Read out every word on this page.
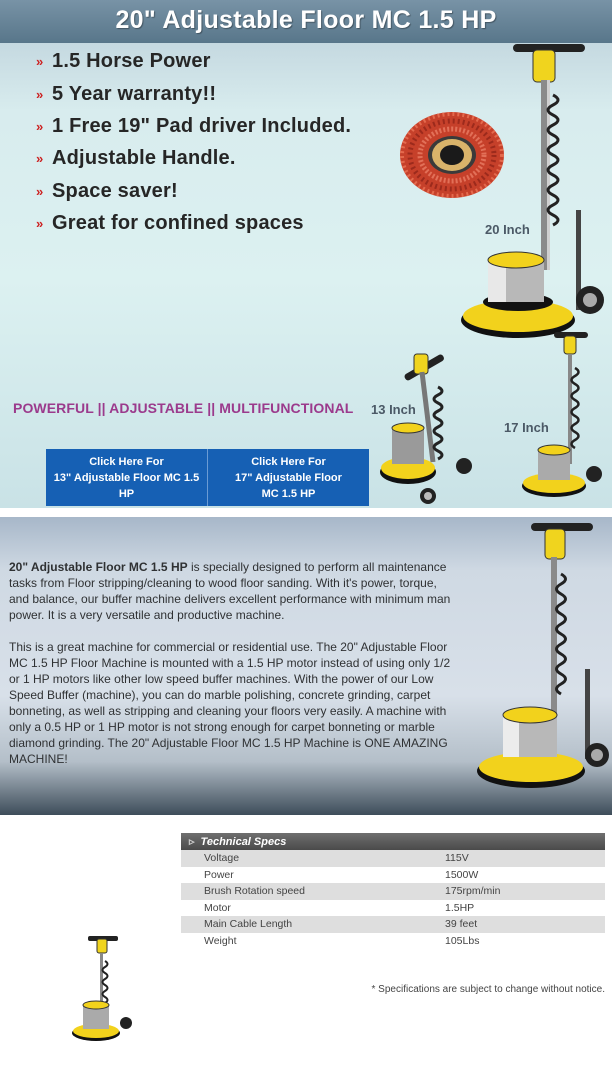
20" Adjustable Floor MC 1.5 HP
» 1.5 Horse Power
» 5 Year warranty!!
» 1 Free 19" Pad driver Included.
» Adjustable Handle.
» Space saver!
» Great for confined spaces	20 Inch
13 Inch
17 Inch
POWERFUL || ADJUSTABLE || MULTIFUNCTIONAL
Click Here For
13" Adjustable Floor MC 1.5
HP
Click Here For
17" Adjustable Floor
MC 1.5 HP

20" Adjustable Floor MC 1.5 HP is specially designed to perform all maintenance tasks from Floor stripping/cleaning to wood floor sanding. With it's power, torque, and balance, our buffer machine delivers excellent performance with minimum man power. It is a very versatile and productive machine.

This is a great machine for commercial or residential use. The 20" Adjustable Floor MC 1.5 HP Floor Machine is mounted with a 1.5 HP motor instead of using only 1/2 or 1 HP motors like other low speed buffer machines. With the power of our Low Speed Buffer (machine), you can do marble polishing, concrete grinding, carpet bonneting, as well as stripping and cleaning your floors very easily. A machine with only a 0.5 HP or 1 HP motor is not strong enough for carpet bonneting or marble diamond grinding. The 20" Adjustable Floor MC 1.5 HP Machine is ONE AMAZING MACHINE!

▹ Technical Specs
Voltage	115V
Power	1500W
Brush Rotation speed	175rpm/min
Motor	1.5HP
Main Cable Length	39 feet
Weight	105Lbs
* Specifications are subject to change without notice.
